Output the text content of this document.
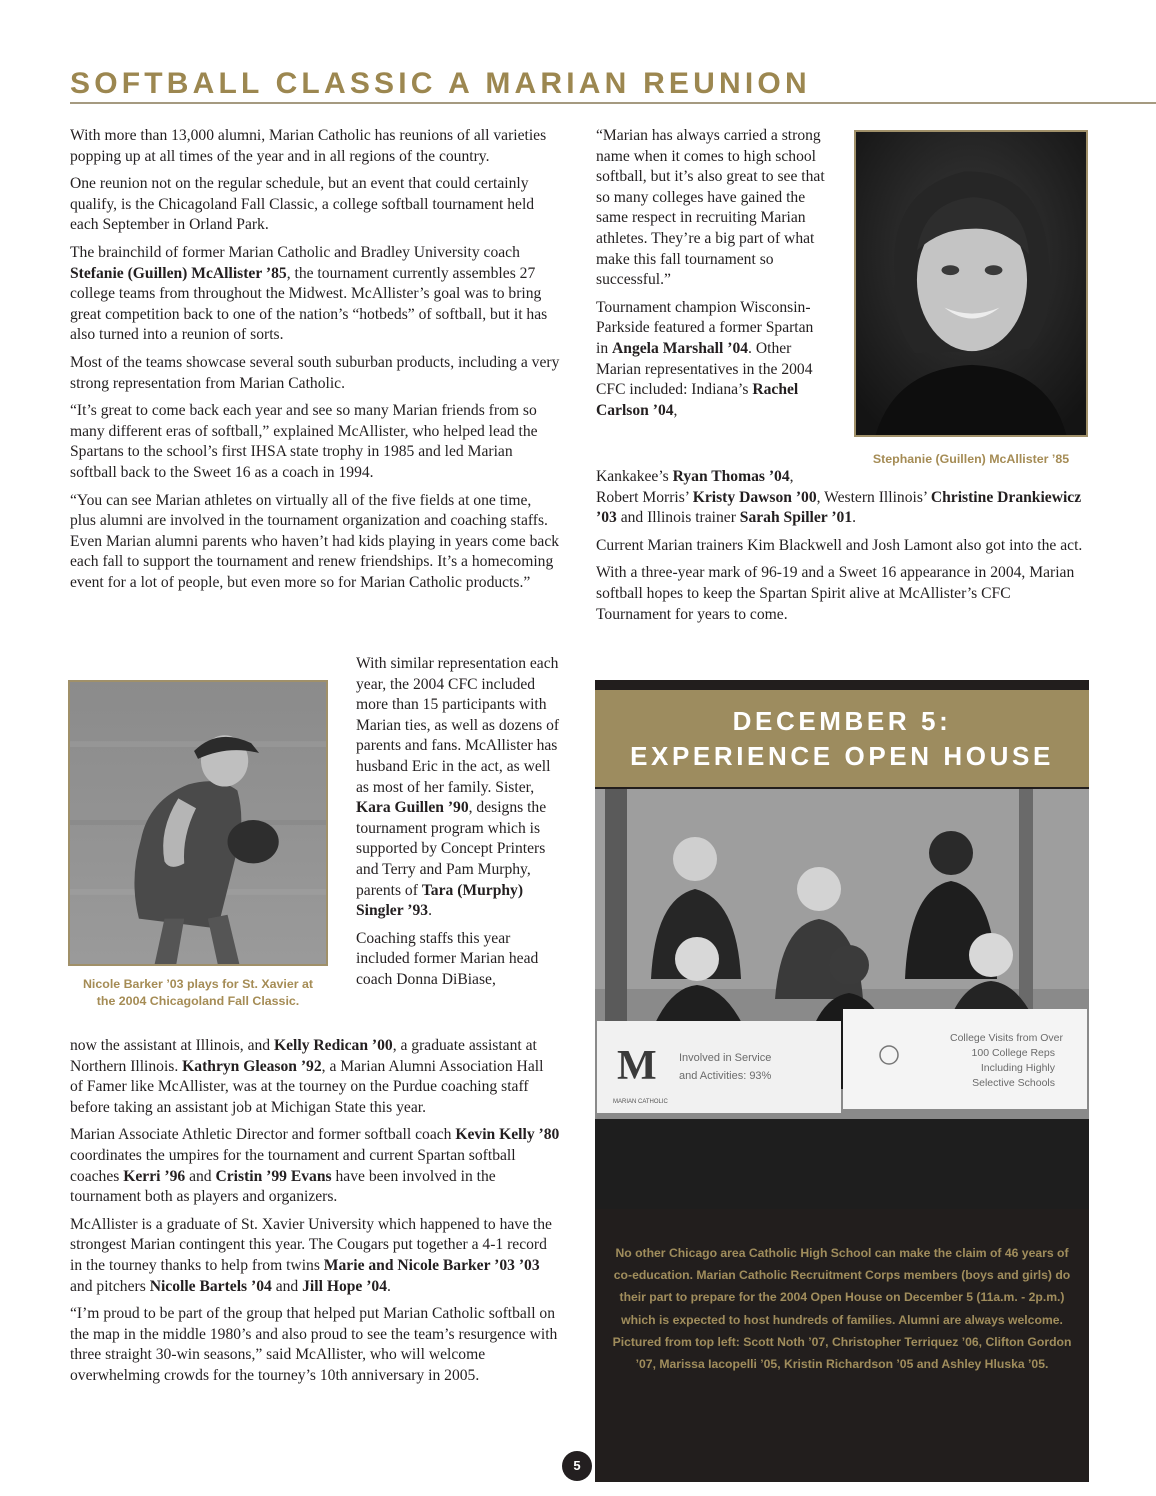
SOFTBALL CLASSIC A MARIAN REUNION

With more than 13,000 alumni, Marian Catholic has reunions of all varieties popping up at all times of the year and in all regions of the country.

One reunion not on the regular schedule, but an event that could certainly qualify, is the Chicagoland Fall Classic, a college softball tournament held each September in Orland Park.

The brainchild of former Marian Catholic and Bradley University coach Stefanie (Guillen) McAllister ’85, the tournament currently assembles 27 college teams from throughout the Midwest. McAllister’s goal was to bring great competition back to one of the nation’s “hotbeds” of softball, but it has also turned into a reunion of sorts.

Most of the teams showcase several south suburban products, including a very strong representation from Marian Catholic.

“It’s great to come back each year and see so many Marian friends from so many different eras of softball,” explained McAllister, who helped lead the Spartans to the school’s first IHSA state trophy in 1985 and led Marian softball back to the Sweet 16 as a coach in 1994.

“You can see Marian athletes on virtually all of the five fields at one time, plus alumni are involved in the tournament organization and coaching staffs. Even Marian alumni parents who haven’t had kids playing in years come back each fall to support the tournament and renew friendships. It’s a homecoming event for a lot of people, but even more so for Marian Catholic products.”

Nicole Barker ’03 plays for St. Xavier at
the 2004 Chicagoland Fall Classic.

With similar representation each year, the 2004 CFC included more than 15 participants with Marian ties, as well as dozens of parents and fans. McAllister has husband Eric in the act, as well as most of her family. Sister, Kara Guillen ’90, designs the tournament program which is supported by Concept Printers and Terry and Pam Murphy, parents of Tara (Murphy) Singler ’93.

Coaching staffs this year included former Marian head coach Donna DiBiase,

now the assistant at Illinois, and Kelly Redican ’00, a graduate assistant at Northern Illinois. Kathryn Gleason ’92, a Marian Alumni Association Hall of Famer like McAllister, was at the tourney on the Purdue coaching staff before taking an assistant job at Michigan State this year.

Marian Associate Athletic Director and former softball coach Kevin Kelly ’80 coordinates the umpires for the tournament and current Spartan softball coaches Kerri ’96 and Cristin ’99 Evans have been involved in the tournament both as players and organizers.

McAllister is a graduate of St. Xavier University which happened to have the strongest Marian contingent this year. The Cougars put together a 4-1 record in the tourney thanks to help from twins Marie and Nicole Barker ’03 ’03 and pitchers Nicolle Bartels ’04 and Jill Hope ’04.

“I’m proud to be part of the group that helped put Marian Catholic softball on the map in the middle 1980’s and also proud to see the team’s resurgence with three straight 30-win seasons,” said McAllister, who will welcome overwhelming crowds for the tourney’s 10th anniversary in 2005.

“Marian has always carried a strong name when it comes to high school softball, but it’s also great to see that so many colleges have gained the same respect in recruiting Marian athletes. They’re a big part of what make this fall tournament so successful.”

Tournament champion Wisconsin-Parkside featured a former Spartan in Angela Marshall ’04. Other Marian representatives in the 2004 CFC included: Indiana’s Rachel Carlson ’04,

Kankakee’s Ryan Thomas ’04,
Robert Morris’ Kristy Dawson ’00, Western Illinois’ Christine Drankiewicz ’03 and Illinois trainer Sarah Spiller ’01.

Current Marian trainers Kim Blackwell and Josh Lamont also got into the act.

With a three-year mark of 96-19 and a Sweet 16 appearance in 2004, Marian softball hopes to keep the Spartan Spirit alive at McAllister’s CFC Tournament for years to come.

Stephanie (Guillen) McAllister ’85
DECEMBER 5:
EXPERIENCE OPEN HOUSE
M
MARIAN CATHOLIC
Involved in Service
and Activities: 93%
College Visits from Over
100 College Reps
Including Highly
Selective Schools
No other Chicago area Catholic High School can make the claim of 46 years of co-education. Marian Catholic Recruitment Corps members (boys and girls) do their part to prepare for the 2004 Open House on December 5 (11a.m. - 2p.m.) which is expected to host hundreds of families. Alumni are always welcome. Pictured from top left: Scott Noth ’07, Christopher Terriquez ’06, Clifton Gordon ’07, Marissa Iacopelli ’05, Kristin Richardson ’05 and Ashley Hluska ’05.
5
